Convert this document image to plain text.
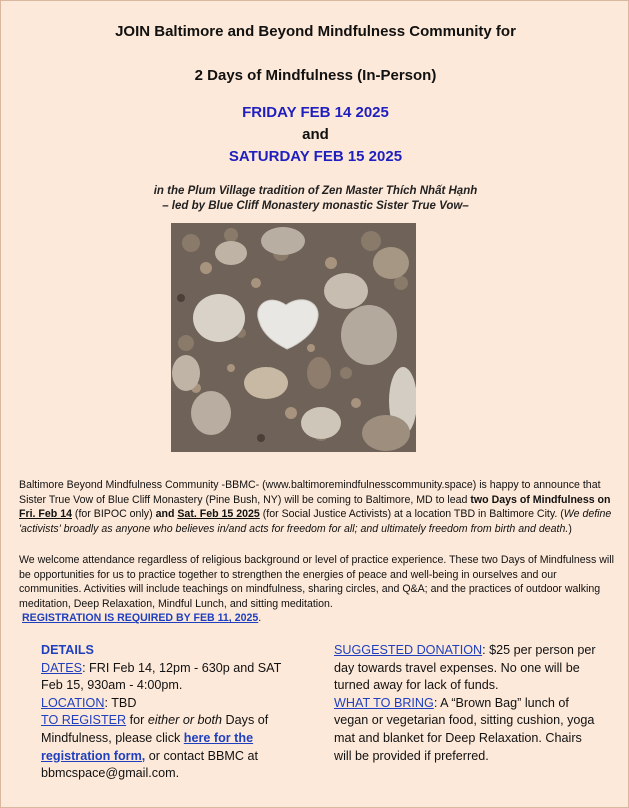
JOIN Baltimore and Beyond Mindfulness Community for
2 Days of Mindfulness (In-Person)
FRIDAY FEB 14 2025
and
SATURDAY FEB 15 2025
in the Plum Village tradition of Zen Master Thích Nhất Hạnh
– led by Blue Cliff Monastery monastic Sister True Vow–

Baltimore Beyond Mindfulness Community -BBMC- (www.baltimoremindfulnesscommunity.space) is happy to announce that Sister True Vow of Blue Cliff Monastery (Pine Bush, NY) will be coming to Baltimore, MD to lead two Days of Mindfulness on Fri. Feb 14 (for BIPOC only) and Sat. Feb 15 2025 (for Social Justice Activists) at a location TBD in Baltimore City. (We define 'activists' broadly as anyone who believes in/and acts for freedom for all; and ultimately freedom from birth and death.)

We welcome attendance regardless of religious background or level of practice experience. These two Days of Mindfulness will be opportunities for us to practice together to strengthen the energies of peace and well-being in ourselves and our communities. Activities will include teachings on mindfulness, sharing circles, and Q&A; and the practices of outdoor walking meditation, Deep Relaxation, Mindful Lunch, and sitting meditation.

REGISTRATION IS REQUIRED BY FEB 11, 2025.

DETAILS
DATES: FRI Feb 14, 12pm - 630p and SAT Feb 15, 930am - 4:00pm.
LOCATION: TBD
TO REGISTER for either or both Days of Mindfulness, please click here for the registration form, or contact BBMC at bbmcspace@gmail.com.
SUGGESTED DONATION: $25 per person per day towards travel expenses. No one will be turned away for lack of funds.
WHAT TO BRING: A “Brown Bag” lunch of vegan or vegetarian food, sitting cushion, yoga mat and blanket for Deep Relaxation. Chairs will be provided if preferred.
